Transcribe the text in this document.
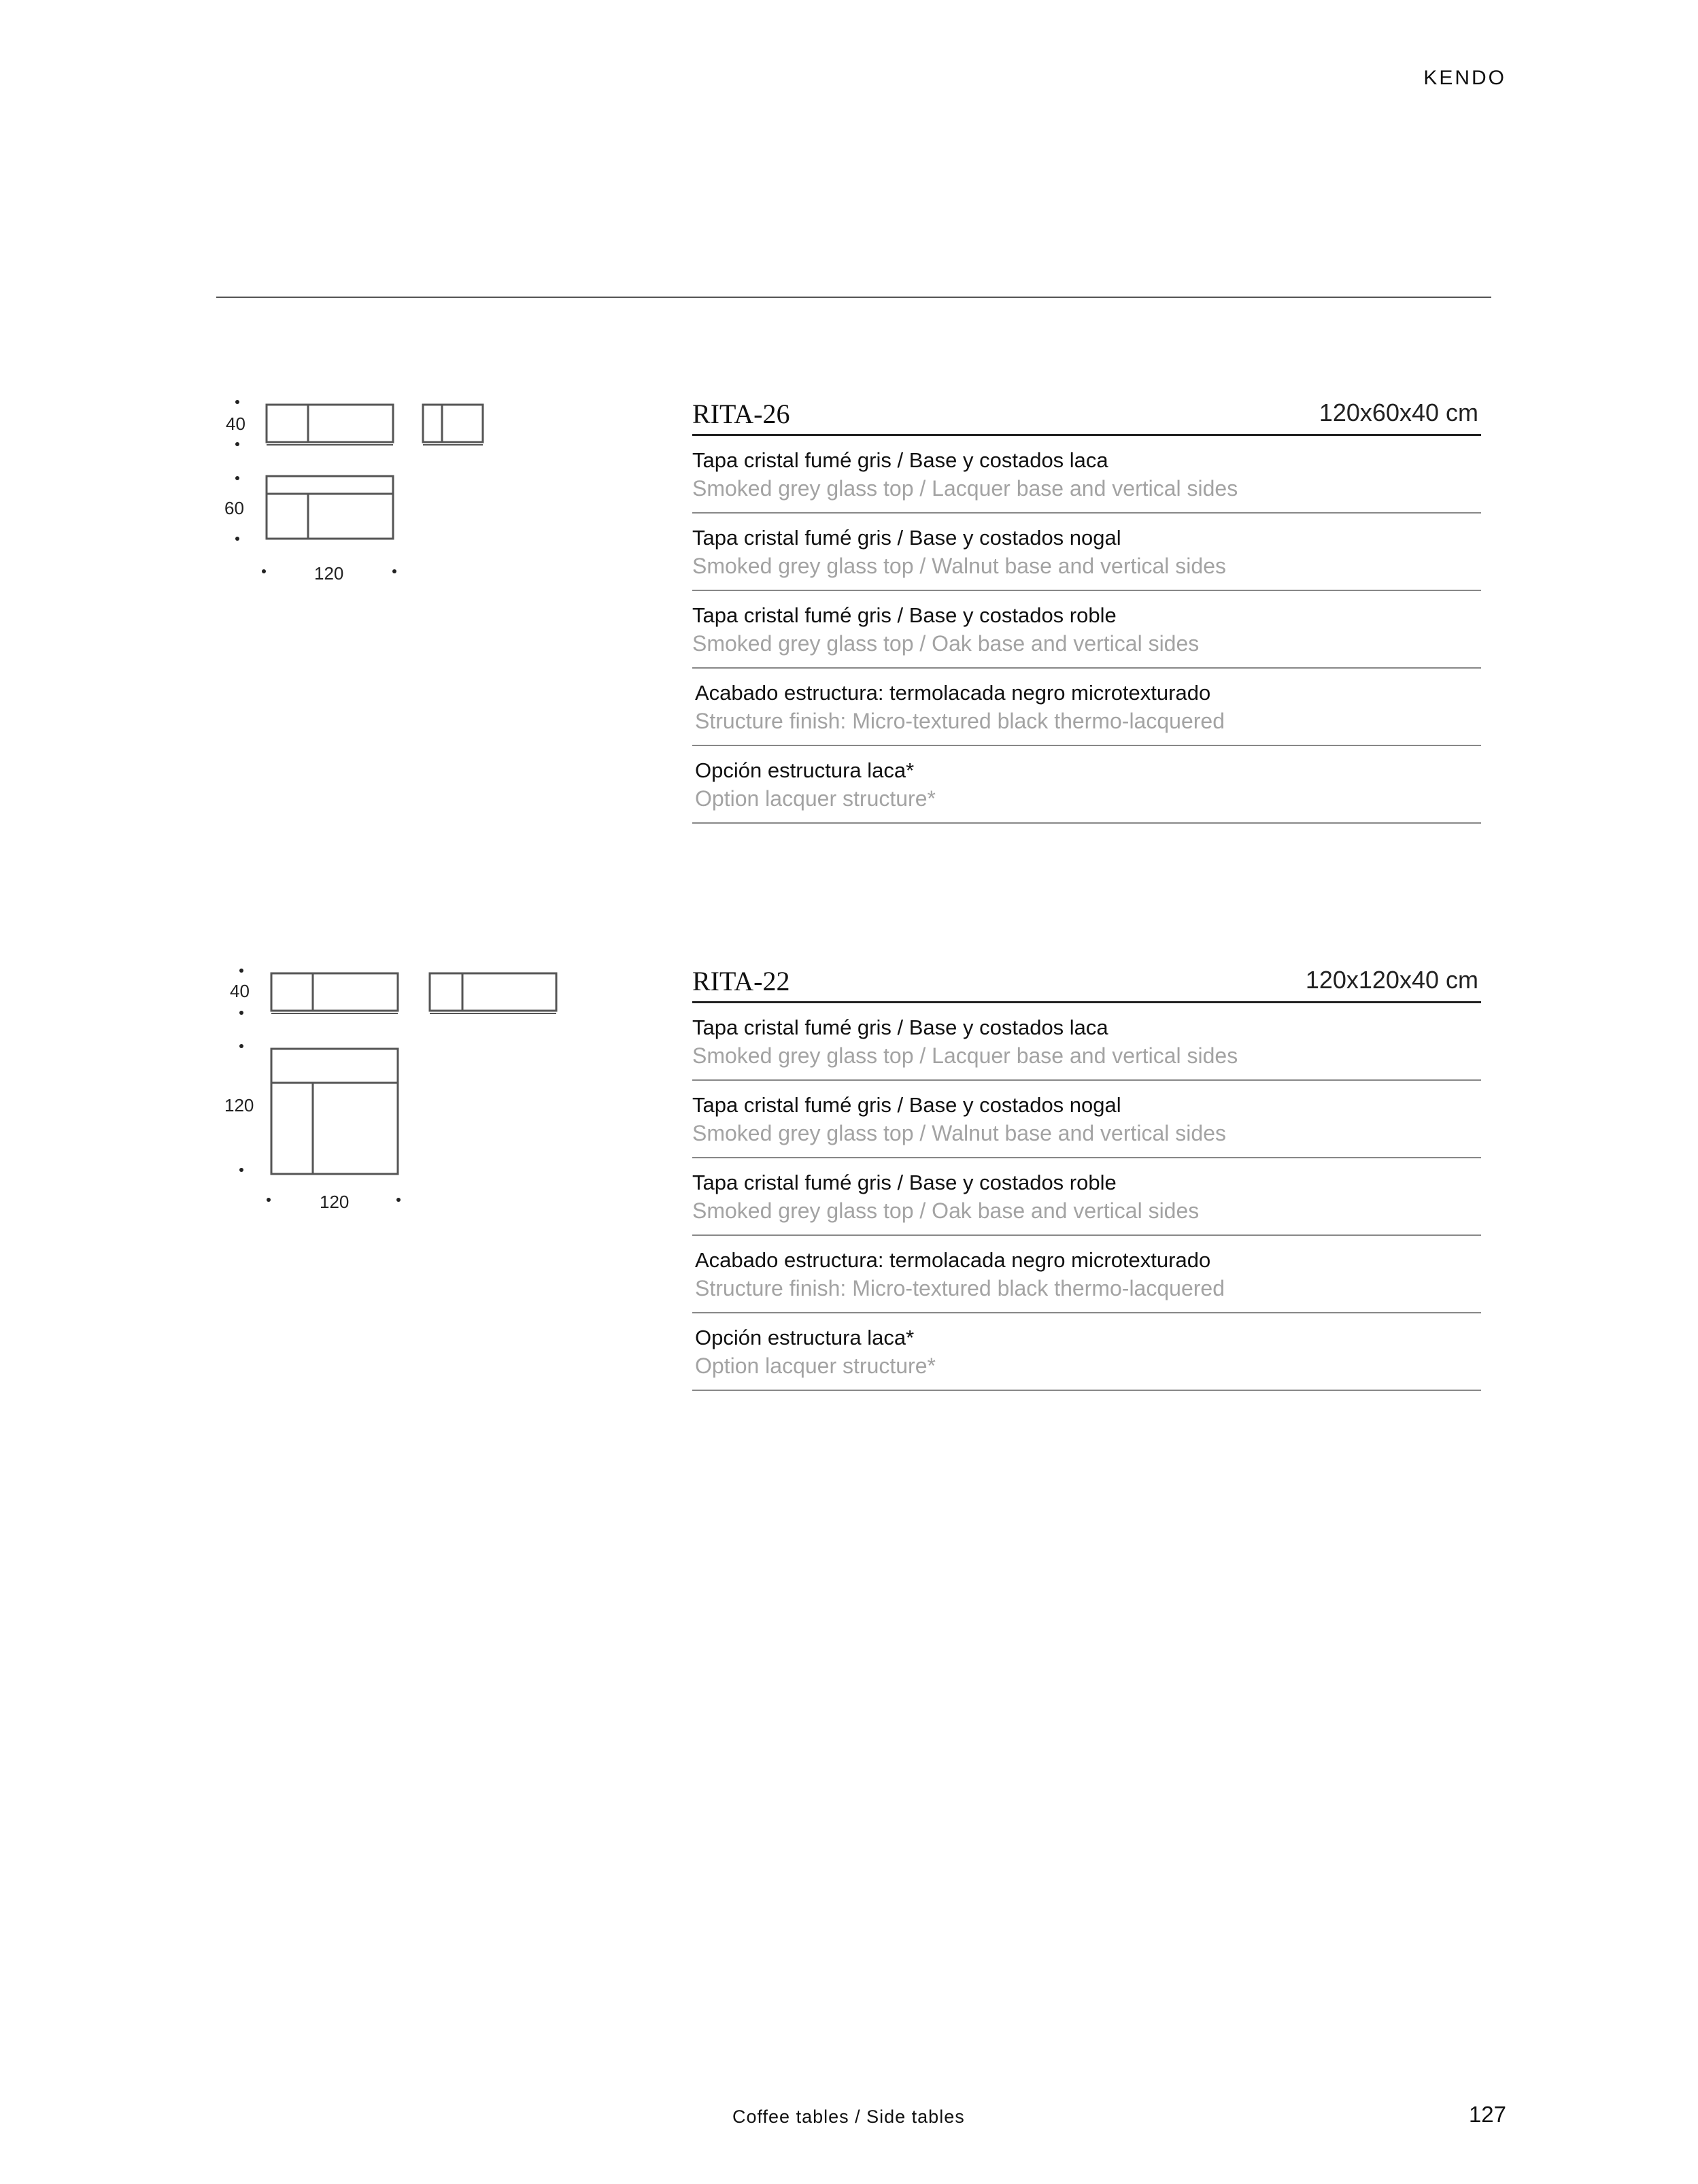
KENDO
40
60
120
RITA-26	120x60x40 cm
Tapa cristal fumé gris / Base y costados laca
Smoked grey glass top / Lacquer base and vertical sides
Tapa cristal fumé gris / Base y costados nogal
Smoked grey glass top / Walnut base and vertical sides
Tapa cristal fumé gris / Base y costados roble
Smoked grey glass top / Oak base and vertical sides
Acabado estructura: termolacada negro microtexturado
Structure finish: Micro-textured black thermo-lacquered
Opción estructura laca*
Option lacquer structure*
40
120
120
RITA-22	120x120x40 cm
Tapa cristal fumé gris / Base y costados laca
Smoked grey glass top / Lacquer base and vertical sides
Tapa cristal fumé gris / Base y costados nogal
Smoked grey glass top / Walnut base and vertical sides
Tapa cristal fumé gris / Base y costados roble
Smoked grey glass top / Oak base and vertical sides
Acabado estructura: termolacada negro microtexturado
Structure finish: Micro-textured black thermo-lacquered
Opción estructura laca*
Option lacquer structure*
Coffee tables / Side tables	127
